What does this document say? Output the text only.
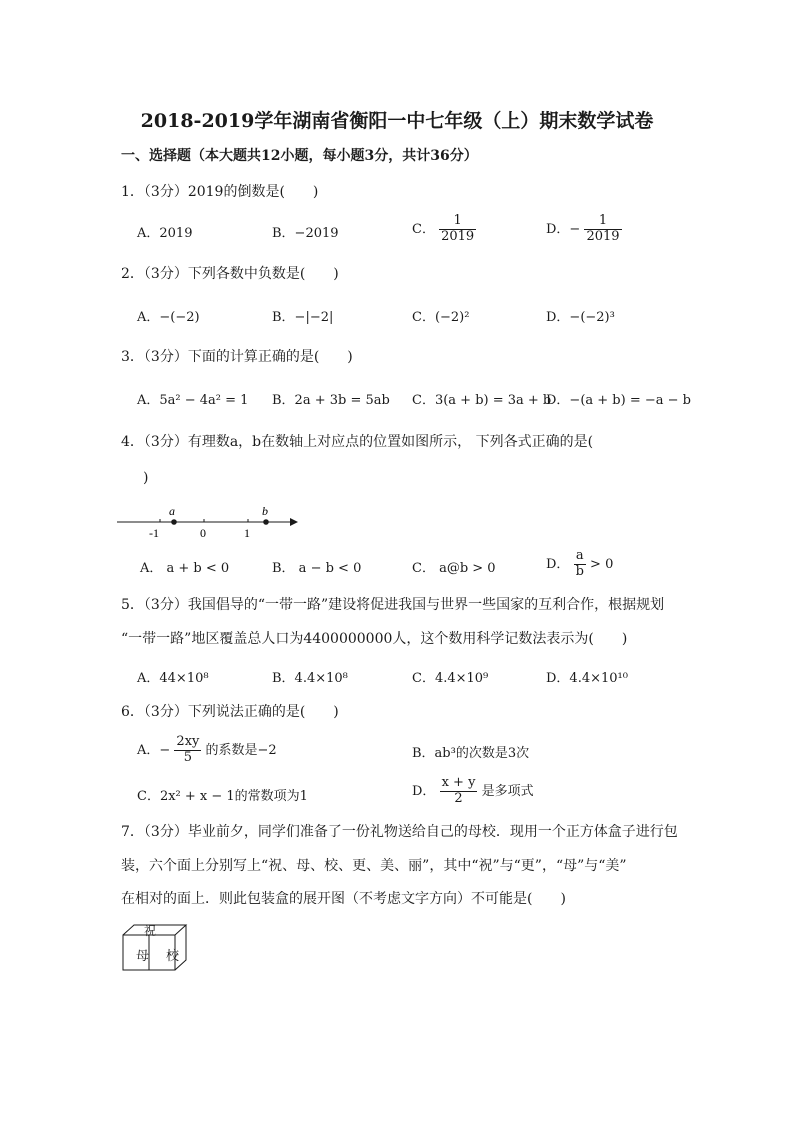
2018-2019学年湖南省衡阳一中七年级（上）期末数学试卷
一、选择题（本大题共12小题，每小题3分，共计36分）
1．（3分）2019的倒数是(　　)
A．2019	B．−2019	C． $\frac{1}{2019}$	D．− $\frac{1}{2019}$
2．（3分）下列各数中负数是(　　)
A．−(−2)	B．−|−2|	C．(−2)²	D．−(−2)³
3．（3分）下面的计算正确的是(　　)
A．5a² − 4a² = 1 B．2a + 3b = 5ab C．3(a + b) = 3a + b
D．−(a + b) = −a − b
4．（3分）有理数a，b在数轴上对应点的位置如图所示， 下列各式正确的是(
)
a	b
-1	0	1
A． a + b < 0	B． a − b < 0	C． a@b > 0	D． $\frac{a}{b} > 0$
5．（3分）我国倡导的“一带一路”建设将促进我国与世界一些国家的互利合作，根据规划
“一带一路”地区覆盖总人口为4400000000人，这个数用科学记数法表示为(　　)
A．44×10⁸	B．4.4×10⁸	C．4.4×10⁹	D．4.4×10¹⁰
6．（3分）下列说法正确的是(　　)
A．− $\frac{2xy}{5}$ 的系数是−2	B．ab³的次数是3次
C．2x² + x − 1的常数项为1	D． $\frac{x + y}{2}$ 是多项式
7．（3分）毕业前夕，同学们准备了一份礼物送给自己的母校．现用一个正方体盒子进行包
装，六个面上分别写上“祝、母、校、更、美、丽”，其中“祝”与“更”，“母”与“美”
在相对的面上．则此包装盒的展开图（不考虑文字方向）不可能是(　　)
祝
母 校
